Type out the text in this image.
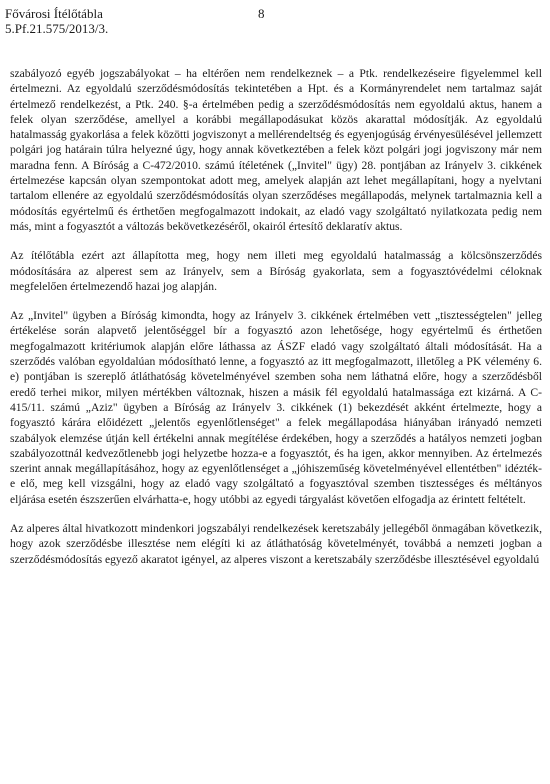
Fővárosi Ítélőtábla
5.Pf.21.575/2013/3.
8

szabályozó egyéb jogszabályokat – ha eltérően nem rendelkeznek – a Ptk. rendelkezéseire figyelemmel kell értelmezni. Az egyoldalú szerződésmódosítás tekintetében a Hpt. és a Kormányrendelet nem tartalmaz saját értelmező rendelkezést, a Ptk. 240. §-a értelmében pedig a szerződésmódosítás nem egyoldalú aktus, hanem a felek olyan szerződése, amellyel a korábbi megállapodásukat közös akarattal módosítják. Az egyoldalú hatalmasság gyakorlása a felek közötti jogviszonyt a mellérendeltség és egyenjogúság érvényesülésével jellemzett polgári jog határain túlra helyezné úgy, hogy annak következtében a felek közt polgári jogi jogviszony már nem maradna fenn. A Bíróság a C-472/2010. számú ítéletének („Invitel" ügy) 28. pontjában az Irányelv 3. cikkének értelmezése kapcsán olyan szempontokat adott meg, amelyek alapján azt lehet megállapítani, hogy a nyelvtani tartalom ellenére az egyoldalú szerződésmódosítás olyan szerződéses megállapodás, melynek tartalmaznia kell a módosítás egyértelmű és érthetően megfogalmazott indokait, az eladó vagy szolgáltató nyilatkozata pedig nem más, mint a fogyasztót a változás bekövetkezéséről, okairól értesítő deklaratív aktus.

Az ítélőtábla ezért azt állapította meg, hogy nem illeti meg egyoldalú hatalmasság a kölcsönszerződés módosítására az alperest sem az Irányelv, sem a Bíróság gyakorlata, sem a fogyasztóvédelmi céloknak megfelelően értelmezendő hazai jog alapján.

Az „Invitel" ügyben a Bíróság kimondta, hogy az Irányelv 3. cikkének értelmében vett „tisztességtelen" jelleg értékelése során alapvető jelentőséggel bír a fogyasztó azon lehetősége, hogy egyértelmű és érthetően megfogalmazott kritériumok alapján előre láthassa az ÁSZF eladó vagy szolgáltató általi módosítását. Ha a szerződés valóban egyoldalúan módosítható lenne, a fogyasztó az itt megfogalmazott, illetőleg a PK vélemény 6. e) pontjában is szereplő átláthatóság követelményével szemben soha nem láthatná előre, hogy a szerződésből eredő terhei mikor, milyen mértékben változnak, hiszen a másik fél egyoldalú hatalmassága ezt kizárná. A C-415/11. számú „Aziz" ügyben a Bíróság az Irányelv 3. cikkének (1) bekezdését akként értelmezte, hogy a fogyasztó kárára előidézett „jelentős egyenlőtlenséget" a felek megállapodása hiányában irányadó nemzeti szabályok elemzése útján kell értékelni annak megítélése érdekében, hogy a szerződés a hatályos nemzeti jogban szabályozottnál kedvezőtlenebb jogi helyzetbe hozza-e a fogyasztót, és ha igen, akkor mennyiben. Az értelmezés szerint annak megállapításához, hogy az egyenlőtlenséget a „jóhiszeműség követelményével ellentétben" idézték-e elő, meg kell vizsgálni, hogy az eladó vagy szolgáltató a fogyasztóval szemben tisztességes és méltányos eljárása esetén észszerűen elvárhatta-e, hogy utóbbi az egyedi tárgyalást követően elfogadja az érintett feltételt.

Az alperes által hivatkozott mindenkori jogszabályi rendelkezések keretszabály jellegéből önmagában következik, hogy azok szerződésbe illesztése nem elégíti ki az átláthatóság követelményét, továbbá a nemzeti jogban a szerződésmódosítás egyező akaratot igényel, az alperes viszont a keretszabály szerződésbe illesztésével egyoldalú
